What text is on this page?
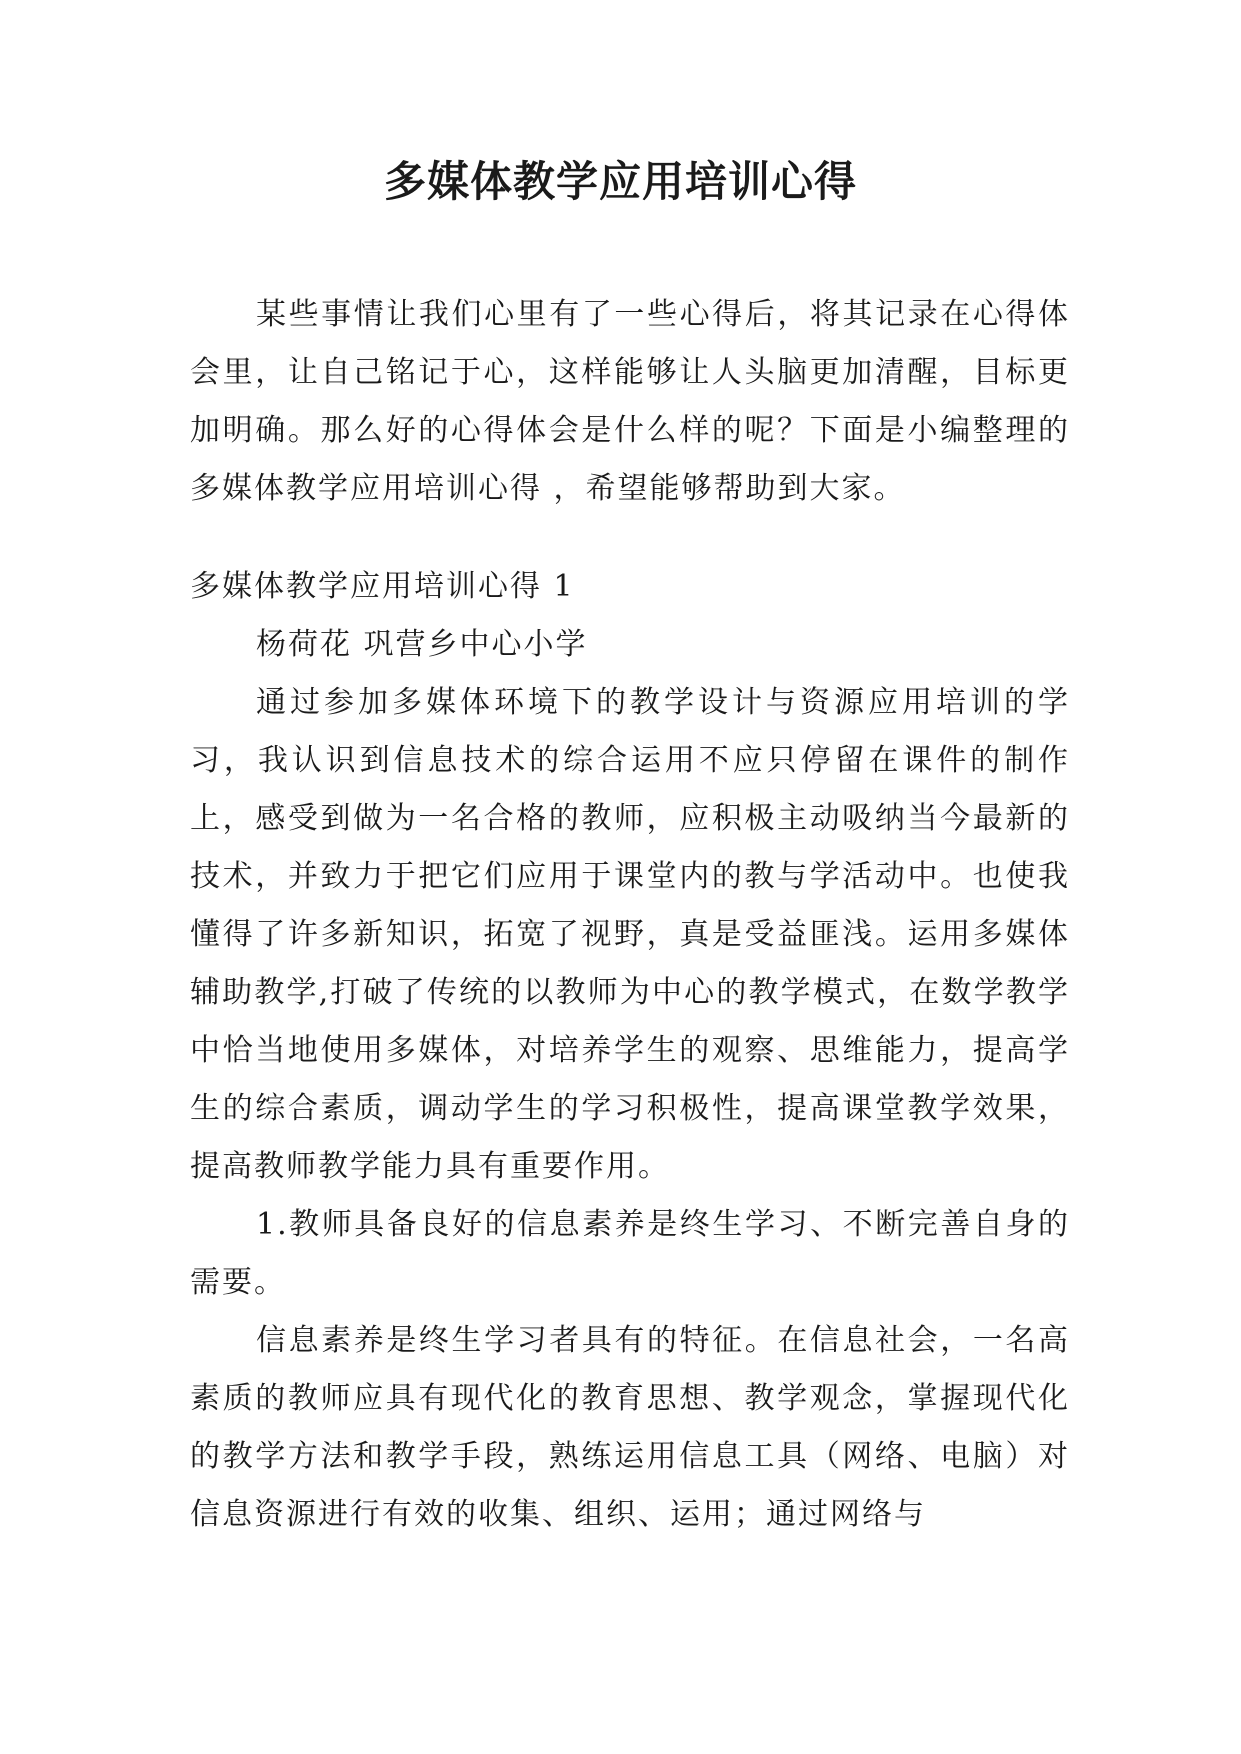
多媒体教学应用培训心得

某些事情让我们心里有了一些心得后，将其记录在心得体会里，让自己铭记于心，这样能够让人头脑更加清醒，目标更加明确。那么好的心得体会是什么样的呢？下面是小编整理的多媒体教学应用培训心得 ，希望能够帮助到大家。

多媒体教学应用培训心得 1

杨荷花 巩营乡中心小学

通过参加多媒体环境下的教学设计与资源应用培训的学习，我认识到信息技术的综合运用不应只停留在课件的制作上，感受到做为一名合格的教师，应积极主动吸纳当今最新的技术，并致力于把它们应用于课堂内的教与学活动中。也使我懂得了许多新知识，拓宽了视野，真是受益匪浅。运用多媒体辅助教学,打破了传统的以教师为中心的教学模式，在数学教学中恰当地使用多媒体，对培养学生的观察、思维能力，提高学生的综合素质，调动学生的学习积极性，提高课堂教学效果，提高教师教学能力具有重要作用。

1.教师具备良好的信息素养是终生学习、不断完善自身的需要。

信息素养是终生学习者具有的特征。在信息社会，一名高素质的教师应具有现代化的教育思想、教学观念，掌握现代化的教学方法和教学手段，熟练运用信息工具（网络、电脑）对信息资源进行有效的收集、组织、运用；通过网络与
